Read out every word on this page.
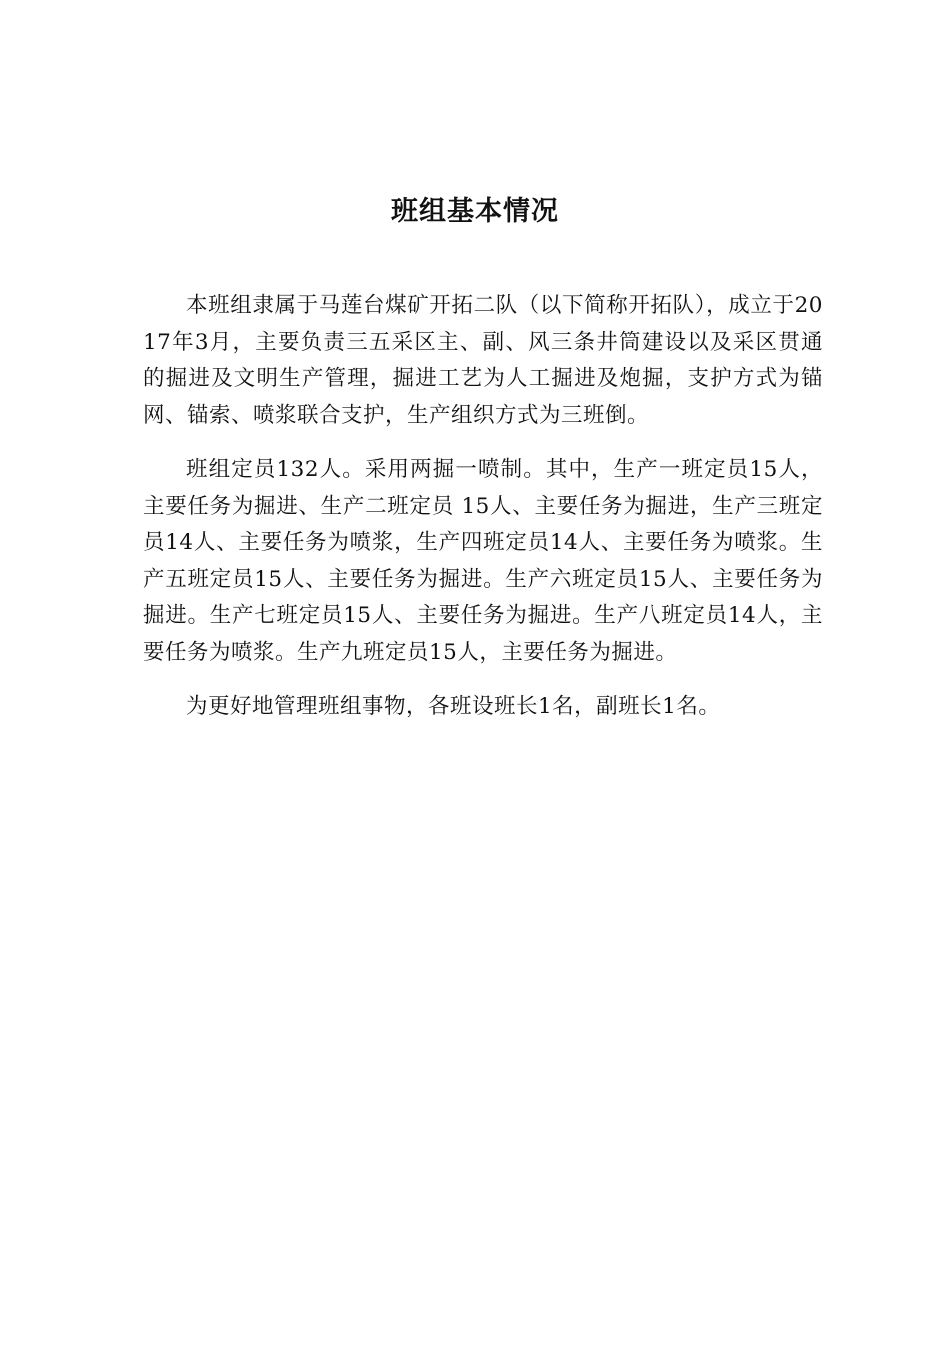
班组基本情况

本班组隶属于马莲台煤矿开拓二队（以下简称开拓队），成立于2017年3月，主要负责三五采区主、副、风三条井筒建设以及采区贯通的掘进及文明生产管理，掘进工艺为人工掘进及炮掘，支护方式为锚网、锚索、喷浆联合支护，生产组织方式为三班倒。

班组定员132人。采用两掘一喷制。其中，生产一班定员15人，主要任务为掘进、生产二班定员 15人、主要任务为掘进，生产三班定员14人、主要任务为喷浆，生产四班定员14人、主要任务为喷浆。生产五班定员15人、主要任务为掘进。生产六班定员15人、主要任务为掘进。生产七班定员15人、主要任务为掘进。生产八班定员14人，主要任务为喷浆。生产九班定员15人，主要任务为掘进。

为更好地管理班组事物，各班设班长1名，副班长1名。
